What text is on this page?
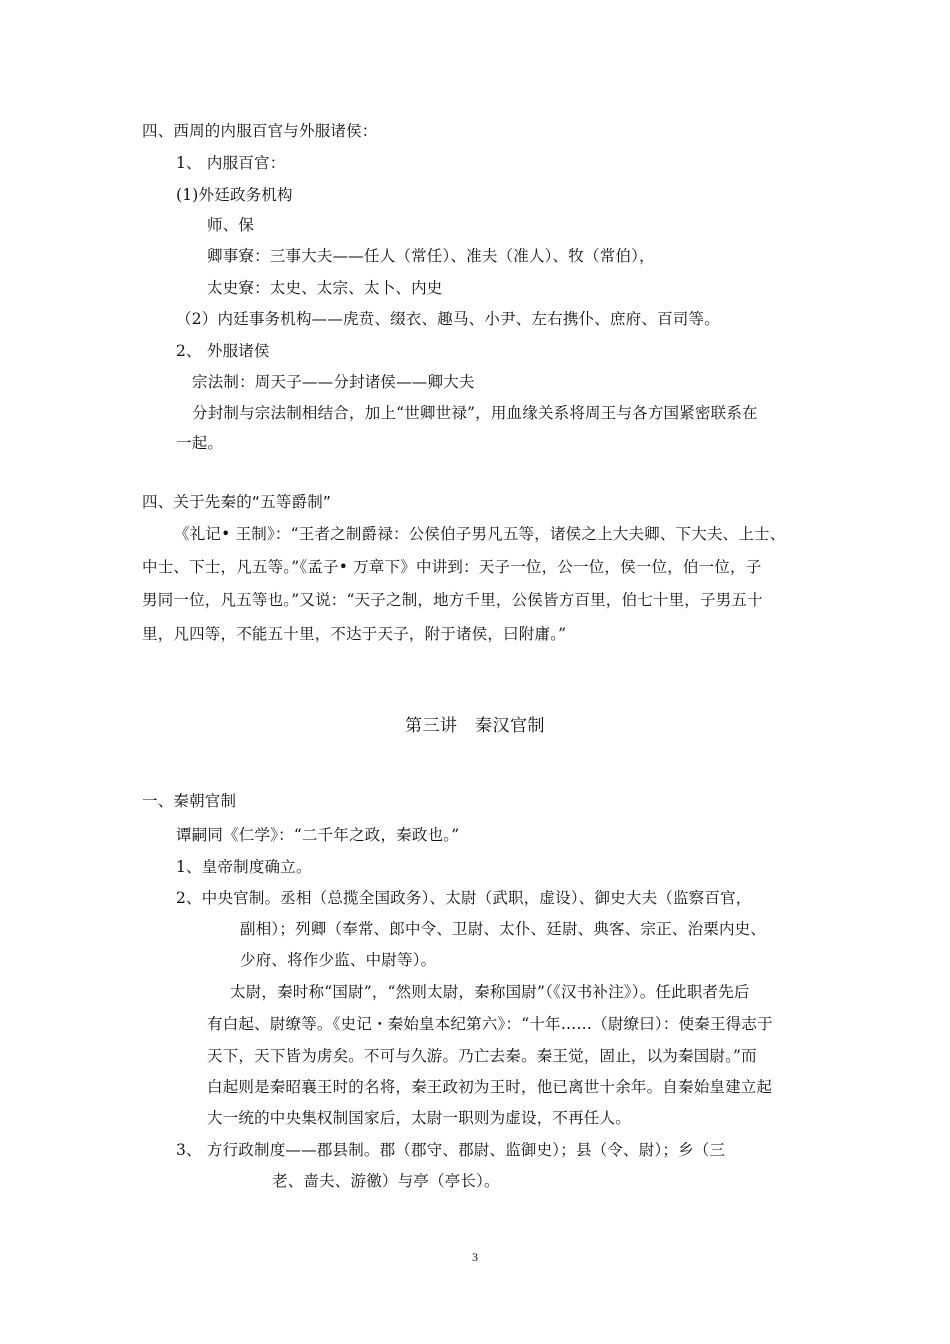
四、西周的内服百官与外服诸侯：
1、 内服百官：
(1)外廷政务机构
师、保
卿事寮：三事大夫——任人（常任）、准夫（准人）、牧（常伯），
太史寮：太史、太宗、太卜、内史
（2）内廷事务机构——虎贲、缀衣、趣马、小尹、左右携仆、庶府、百司等。
2、 外服诸侯
宗法制：周天子——分封诸侯——卿大夫
分封制与宗法制相结合，加上“世卿世禄”，用血缘关系将周王与各方国紧密联系在
一起。
四、关于先秦的“五等爵制”
《礼记• 王制》：“王者之制爵禄：公侯伯子男凡五等，诸侯之上大夫卿、下大夫、上士、
中士、下士，凡五等。”《孟子• 万章下》中讲到：天子一位，公一位，侯一位，伯一位，子
男同一位，凡五等也。”又说：“天子之制，地方千里，公侯皆方百里，伯七十里，子男五十
里，凡四等，不能五十里，不达于天子，附于诸侯，曰附庸。”
第三讲　秦汉官制
一、秦朝官制
谭嗣同《仁学》：“二千年之政，秦政也。”
1、皇帝制度确立。
2、中央官制。丞相（总揽全国政务）、太尉（武职，虚设）、御史大夫（监察百官，
副相）；列卿（奉常、郎中令、卫尉、太仆、廷尉、典客、宗正、治栗内史、
少府、将作少监、中尉等）。
太尉，秦时称“国尉”，“然则太尉，秦称国尉”（《汉书补注》）。任此职者先后
有白起、尉缭等。《史记・秦始皇本纪第六》：“十年……（尉缭曰）：使秦王得志于
天下，天下皆为虏矣。不可与久游。乃亡去秦。秦王觉，固止，以为秦国尉。”而
白起则是秦昭襄王时的名将，秦王政初为王时，他已离世十余年。自秦始皇建立起
大一统的中央集权制国家后，太尉一职则为虚设，不再任人。
3、 方行政制度——郡县制。郡（郡守、郡尉、监御史）；县（令、尉）；乡（三
老、啬夫、游徼）与亭（亭长）。
3
